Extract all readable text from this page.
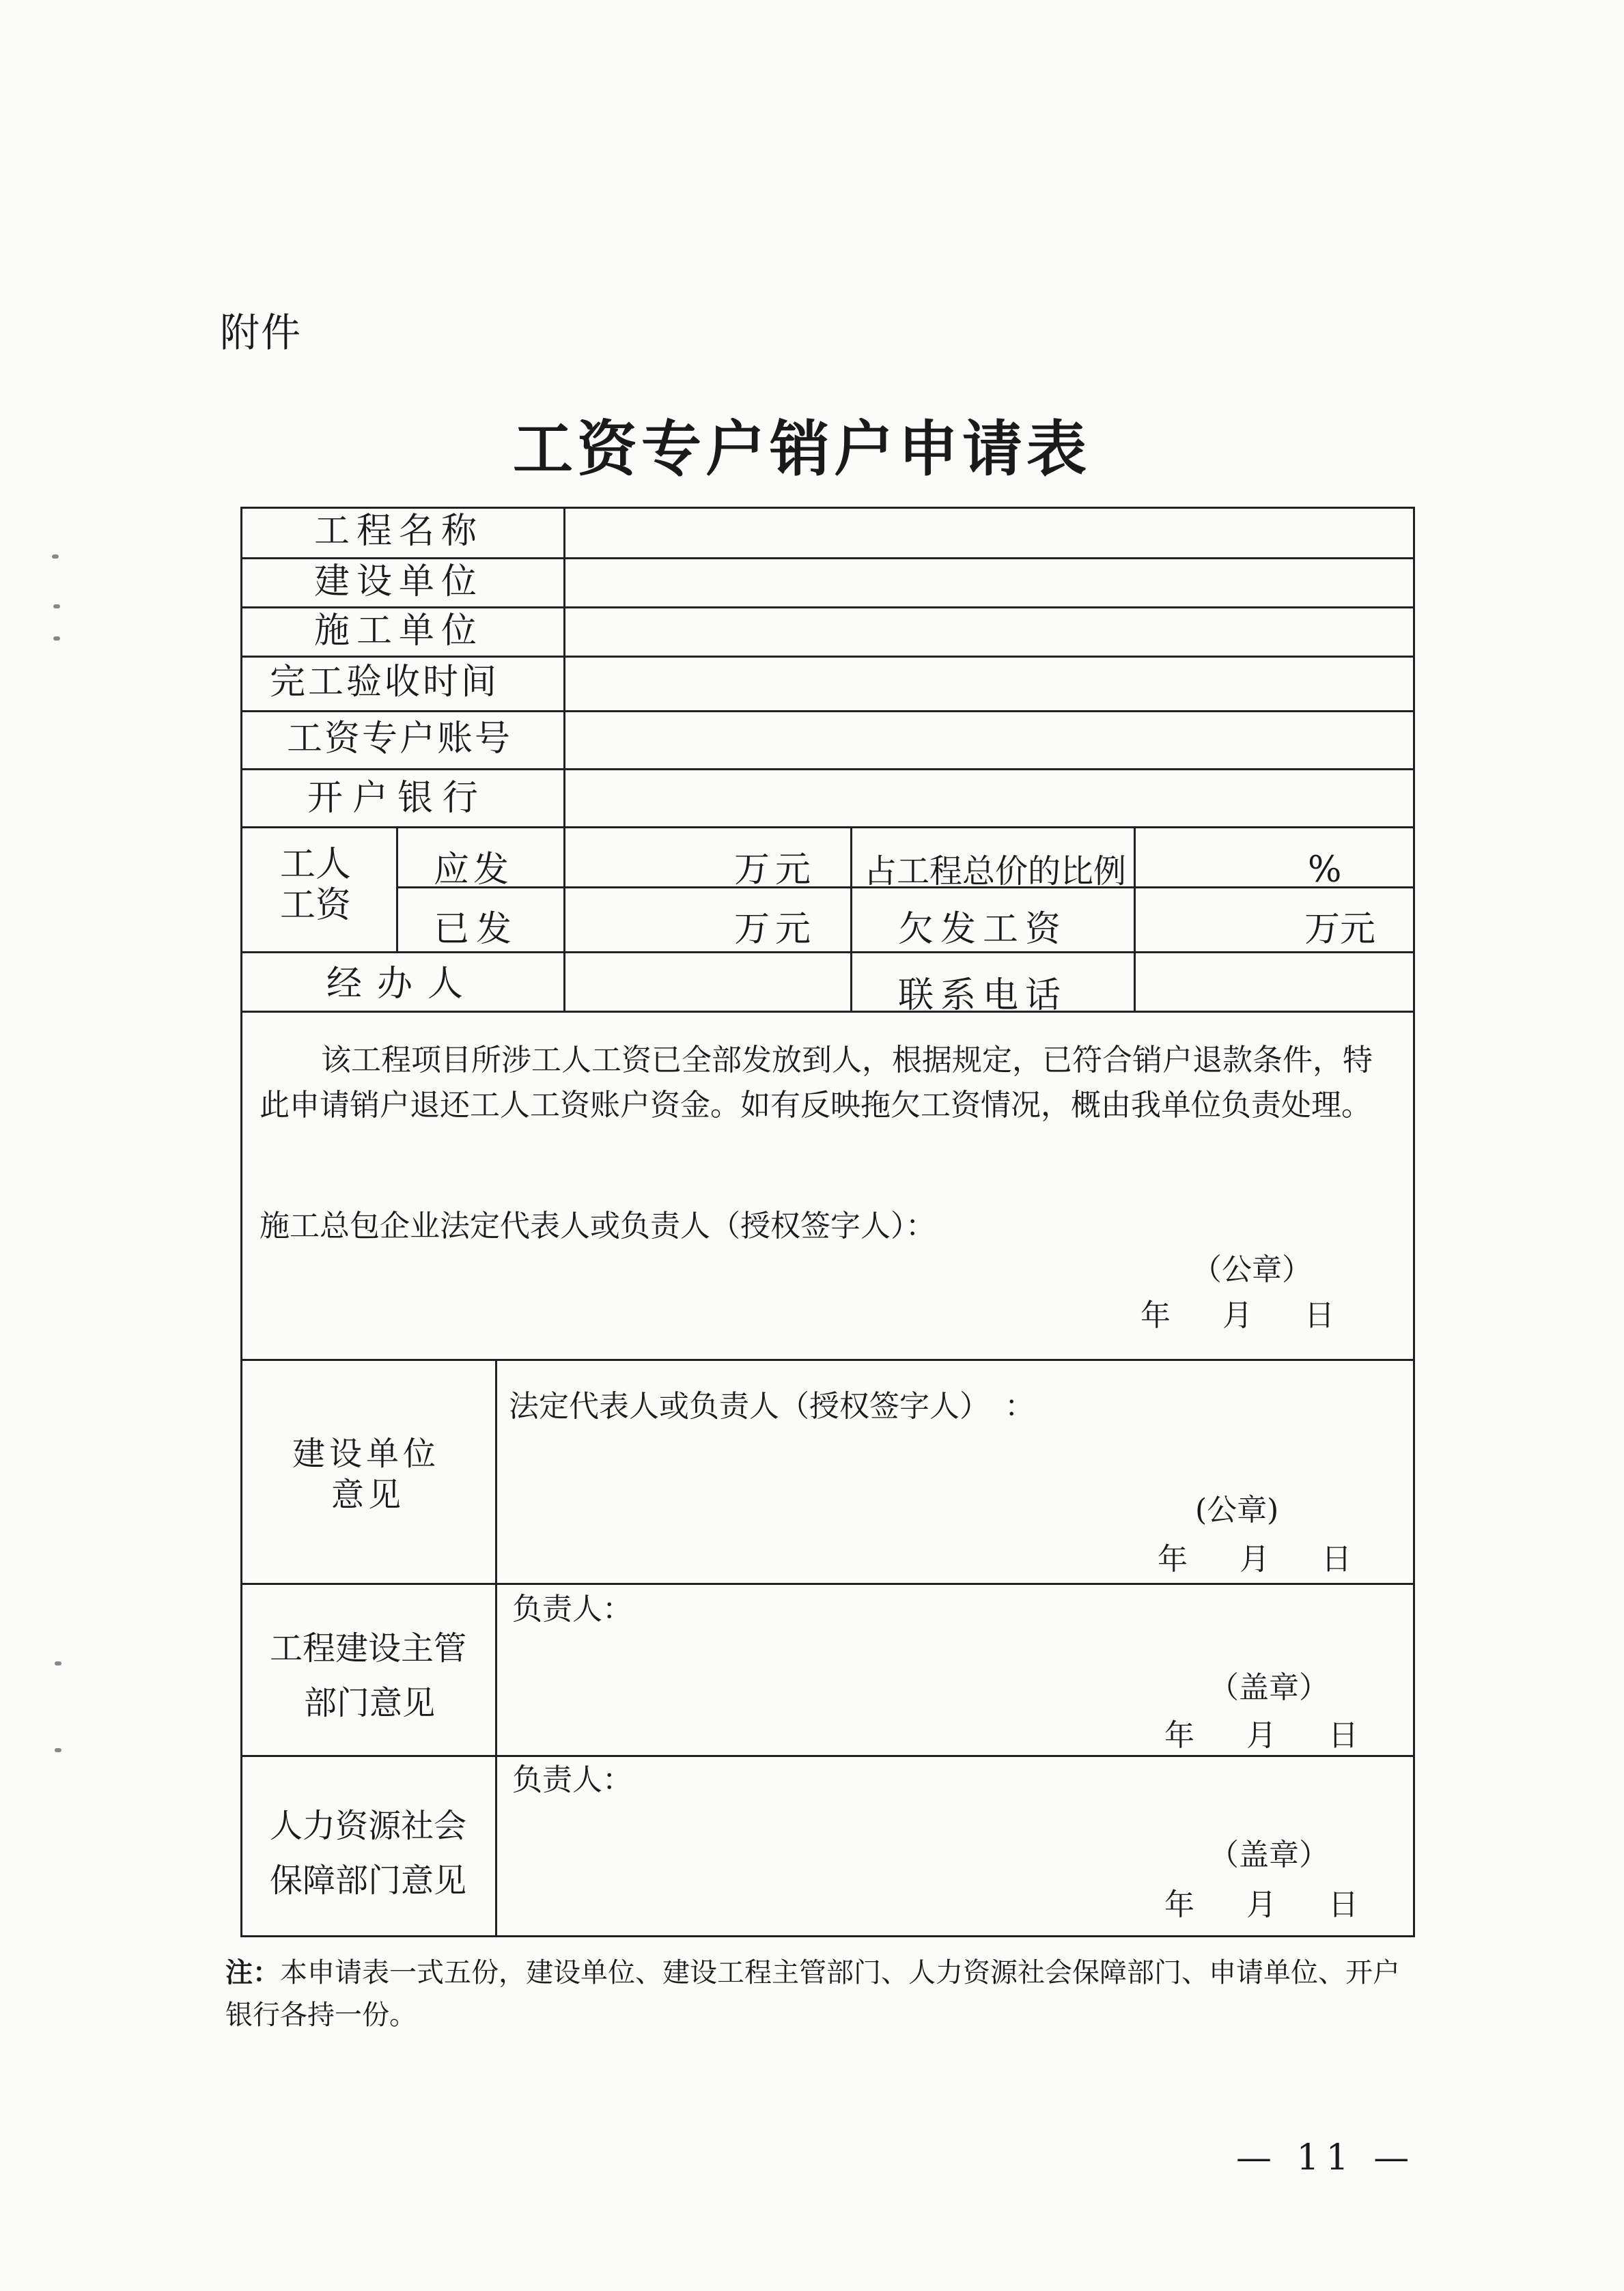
附件
工资专户销户申请表
工程名称
建设单位
施工单位
完工验收时间
工资专户账号
开户银行
工人
工资
应发
已发
万元
万元
占工程总价的比例
欠发工资
%
万元
经办人	联系电话
该工程项目所涉工人工资已全部发放到人，根据规定，已符合销户退款条件，特此申请销户退还工人工资账户资金。如有反映拖欠工资情况，概由我单位负责处理。
施工总包企业法定代表人或负责人（授权签字人）：
（公章）
年　 月　 日
建设单位
意见
法定代表人或负责人（授权签字人）　：
(公章)
年　 月　 日
工程建设主管
部门意见
负责人：
（盖章）
年　 月　 日
人力资源社会
保障部门意见
负责人：
（盖章）
年　 月　 日
注：本申请表一式五份，建设单位、建设工程主管部门、人力资源社会保障部门、申请单位、开户银行各持一份。
— 11 —
